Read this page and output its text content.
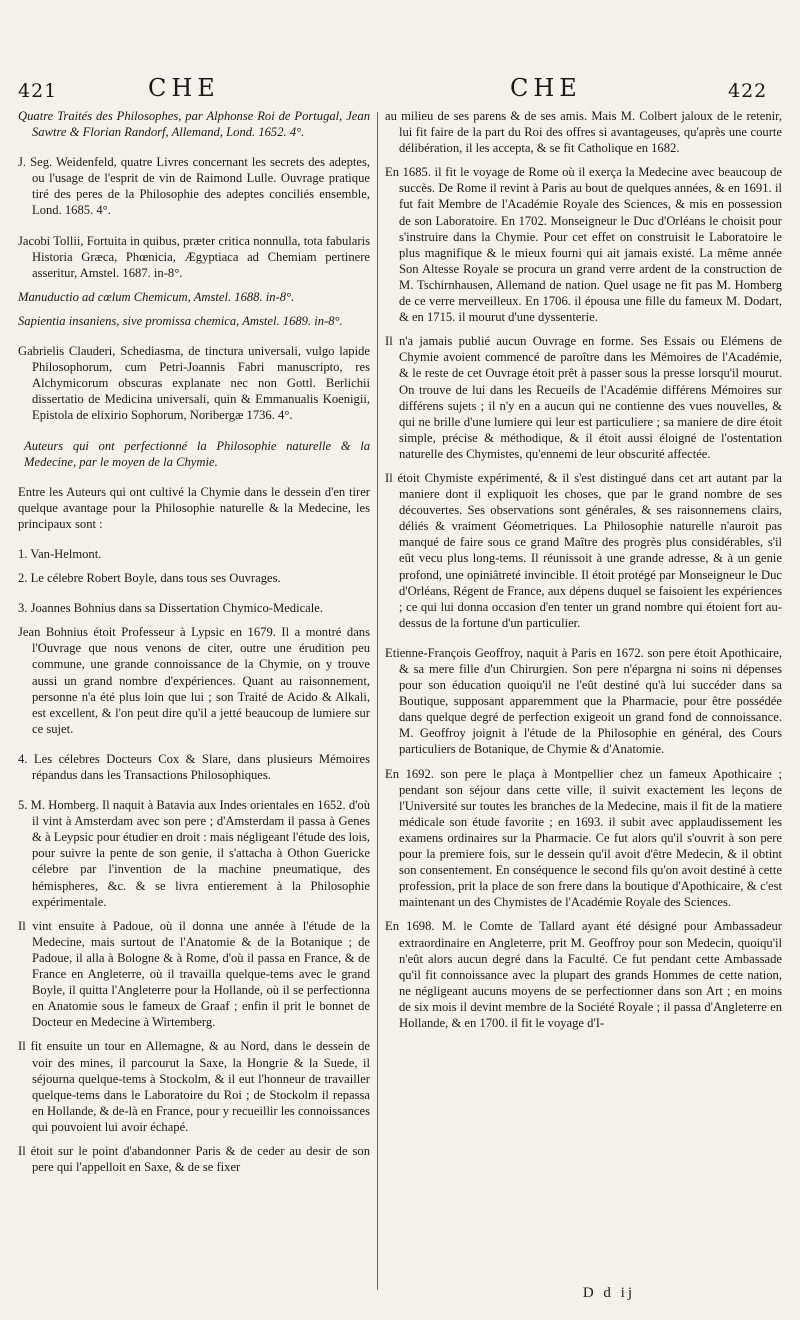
421	CHE	CHE	422

Quatre Traités des Philosophes, par Alphonse Roi de Portugal, Jean Sawtre & Florian Randorf, Allemand, Lond. 1652. 4°.

J. Seg. Weidenfeld, quatre Livres concernant les secrets des adeptes, ou l'usage de l'esprit de vin de Raimond Lulle. Ouvrage pratique tiré des peres de la Philosophie des adeptes conciliés ensemble, Lond. 1685. 4°.

Jacobi Tollii, Fortuita in quibus, præter critica nonnulla, tota fabularis Historia Græca, Phœnicia, Ægyptiaca ad Chemiam pertinere asseritur, Amstel. 1687. in-8°.

Manuductio ad cœlum Chemicum, Amstel. 1688. in-8°.

Sapientia insaniens, sive promissa chemica, Amstel. 1689. in-8°.

Gabrielis Clauderi, Schediasma, de tinctura universali, vulgo lapide Philosophorum, cum Petri-Joannis Fabri manuscripto, res Alchymicorum obscuras explanate nec non Gottl. Berlichii dissertatio de Medicina universali, quin & Emmanualis Koenigii, Epistola de elixirio Sophorum, Noribergæ 1736. 4°.

Auteurs qui ont perfectionné la Philosophie naturelle & la Medecine, par le moyen de la Chymie.

Entre les Auteurs qui ont cultivé la Chymie dans le dessein d'en tirer quelque avantage pour la Philosophie naturelle & la Medecine, les principaux sont :

1. Van-Helmont.

2. Le célebre Robert Boyle, dans tous ses Ouvrages.

3. Joannes Bohnius dans sa Dissertation Chymico-Medicale.

Jean Bohnius étoit Professeur à Lypsic en 1679. Il a montré dans l'Ouvrage que nous venons de citer, outre une érudition peu commune, une grande connoissance de la Chymie, on y trouve aussi un grand nombre d'expériences. Quant au raisonnement, personne n'a été plus loin que lui ; son Traité de Acido & Alkali, est excellent, & l'on peut dire qu'il a jetté beaucoup de lumiere sur ce sujet.

4. Les célebres Docteurs Cox & Slare, dans plusieurs Mémoires répandus dans les Transactions Philosophiques.

5. M. Homberg. Il naquit à Batavia aux Indes orientales en 1652. d'où il vint à Amsterdam avec son pere ; d'Amsterdam il passa à Genes & à Leypsic pour étudier en droit : mais négligeant l'étude des lois, pour suivre la pente de son genie, il s'attacha à Othon Guericke célebre par l'invention de la machine pneumatique, des hémispheres, &c. & se livra entierement à la Philosophie expérimentale.

Il vint ensuite à Padoue, où il donna une année à l'étude de la Medecine, mais surtout de l'Anatomie & de la Botanique ; de Padoue, il alla à Bologne & à Rome, d'où il passa en France, & de France en Angleterre, où il travailla quelque-tems avec le grand Boyle, il quitta l'Angleterre pour la Hollande, où il se perfectionna en Anatomie sous le fameux de Graaf ; enfin il prit le bonnet de Docteur en Medecine à Wirtemberg.

Il fit ensuite un tour en Allemagne, & au Nord, dans le dessein de voir des mines, il parcourut la Saxe, la Hongrie & la Suede, il séjourna quelque-tems à Stockolm, & il eut l'honneur de travailler quelque-tems dans le Laboratoire du Roi ; de Stockolm il repassa en Hollande, & de-là en France, pour y recueillir les connoissances qui pouvoient lui avoir échapé.

Il étoit sur le point d'abandonner Paris & de ceder au desir de son pere qui l'appelloit en Saxe, & de se fixer

au milieu de ses parens & de ses amis. Mais M. Colbert jaloux de le retenir, lui fit faire de la part du Roi des offres si avantageuses, qu'après une courte délibération, il les accepta, & se fit Catholique en 1682.

En 1685. il fit le voyage de Rome où il exerça la Medecine avec beaucoup de succès. De Rome il revint à Paris au bout de quelques années, & en 1691. il fut fait Membre de l'Académie Royale des Sciences, & mis en possession de son Laboratoire. En 1702. Monseigneur le Duc d'Orléans le choisit pour s'instruire dans la Chymie. Pour cet effet on construisit le Laboratoire le plus magnifique & le mieux fourni qui ait jamais existé. La même année Son Altesse Royale se procura un grand verre ardent de la construction de M. Tschirnhausen, Allemand de nation. Quel usage ne fit pas M. Homberg de ce verre merveilleux. En 1706. il épousa une fille du fameux M. Dodart, & en 1715. il mourut d'une dyssenterie.

Il n'a jamais publié aucun Ouvrage en forme. Ses Essais ou Elémens de Chymie avoient commencé de paroître dans les Mémoires de l'Académie, & le reste de cet Ouvrage étoit prêt à passer sous la presse lorsqu'il mourut. On trouve de lui dans les Recueils de l'Académie différens Mémoires sur différens sujets ; il n'y en a aucun qui ne contienne des vues nouvelles, & qui ne brille d'une lumiere qui leur est particuliere ; sa maniere de dire étoit simple, précise & méthodique, & il étoit aussi éloigné de l'ostentation naturelle des Chymistes, qu'ennemi de leur obscurité affectée.

Il étoit Chymiste expérimenté, & il s'est distingué dans cet art autant par la maniere dont il expliquoit les choses, que par le grand nombre de ses découvertes. Ses observations sont générales, & ses raisonnemens clairs, déliés & vraiment Géometriques. La Philosophie naturelle n'auroit pas manqué de faire sous ce grand Maître des progrès plus considérables, s'il eût vecu plus long-tems. Il réunissoit à une grande adresse, & à un genie profond, une opiniâtreté invincible. Il étoit protégé par Monseigneur le Duc d'Orléans, Régent de France, aux dépens duquel se faisoient les expériences ; ce qui lui donna occasion d'en tenter un grand nombre qui étoient fort au-dessus de la fortune d'un particulier.

Etienne-François Geoffroy, naquit à Paris en 1672. son pere étoit Apothicaire, & sa mere fille d'un Chirurgien. Son pere n'épargna ni soins ni dépenses pour son éducation quoiqu'il ne l'eût destiné qu'à lui succéder dans sa Boutique, supposant apparemment que la Pharmacie, pour être possédée dans quelque degré de perfection exigeoit un grand fond de connoissance. M. Geoffroy joignit à l'étude de la Philosophie en général, des Cours particuliers de Botanique, de Chymie & d'Anatomie.

En 1692. son pere le plaça à Montpellier chez un fameux Apothicaire ; pendant son séjour dans cette ville, il suivit exactement les leçons de l'Université sur toutes les branches de la Medecine, mais il fit de la matiere médicale son étude favorite ; en 1693. il subit avec applaudissement les examens ordinaires sur la Pharmacie. Ce fut alors qu'il s'ouvrit à son pere pour la premiere fois, sur le dessein qu'il avoit d'être Medecin, & il obtint son consentement. En conséquence le second fils qu'on avoit destiné à cette profession, prit la place de son frere dans la boutique d'Apothicaire, & c'est maintenant un des Chymistes de l'Académie Royale des Sciences.

En 1698. M. le Comte de Tallard ayant été désigné pour Ambassadeur extraordinaire en Angleterre, prit M. Geoffroy pour son Medecin, quoiqu'il n'eût alors aucun degré dans la Faculté. Ce fut pendant cette Ambassade qu'il fit connoissance avec la plupart des grands Hommes de cette nation, ne négligeant aucuns moyens de se perfectionner dans son Art ; en moins de six mois il devint membre de la Société Royale ; il passa d'Angleterre en Hollande, & en 1700. il fit le voyage d'I-

D d ij
